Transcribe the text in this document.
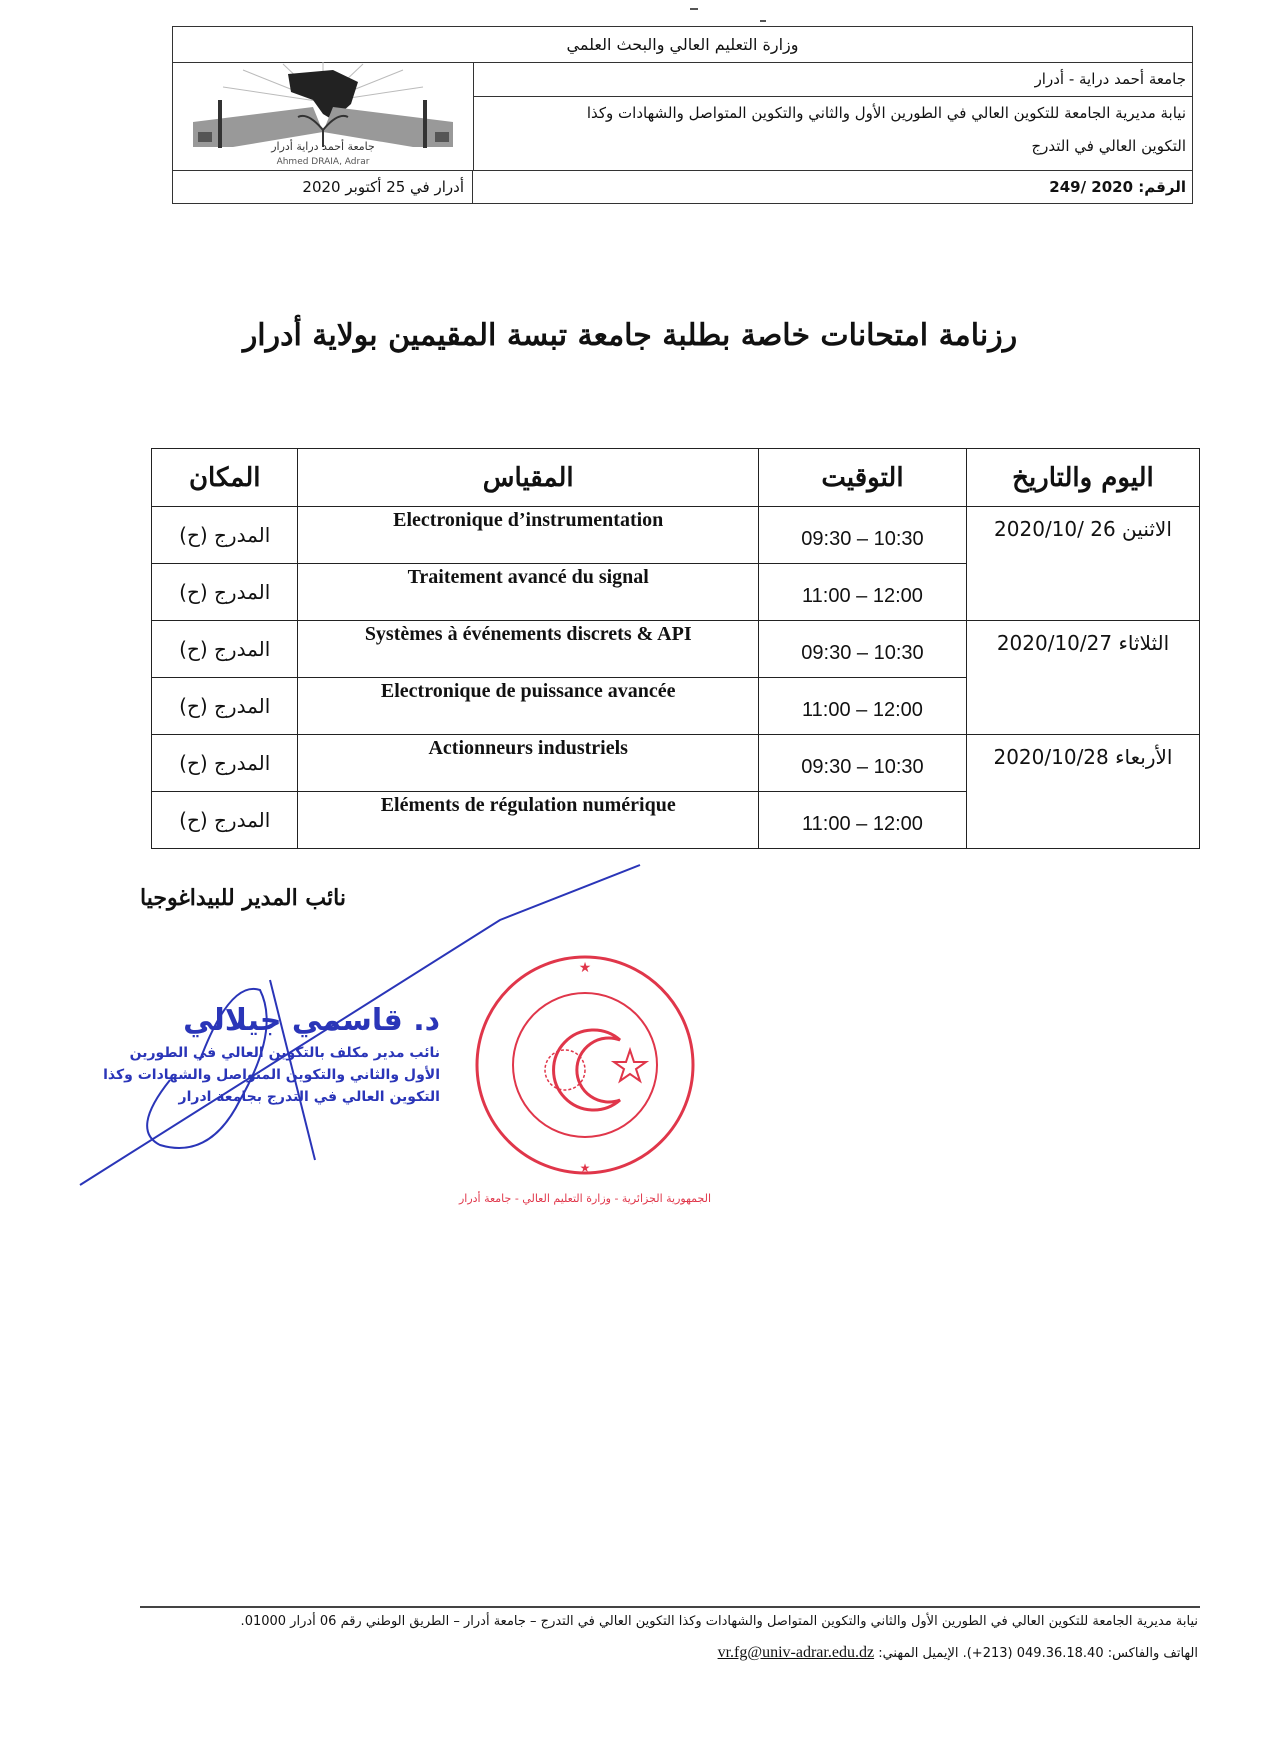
وزارة التعليم العالي والبحث العلمي
جامعة أحمد دراية أدرار
Ahmed DRAIA, Adrar
جامعة أحمد دراية - أدرار
نيابة مديرية الجامعة للتكوين العالي في الطورين الأول والثاني والتكوين المتواصل والشهادات وكذا
التكوين العالي في التدرج
أدرار في 25 أكتوبر 2020	الرقم:

249/ 2020
رزنامة امتحانات خاصة بطلبة جامعة تبسة المقيمين بولاية أدرار
اليوم والتاريخ	التوقيت	المقياس	المكان
الاثنين 26 /2020/10	10:30 – 09:30	Electronique d’instrumentation	المدرج (ح)
	12:00 – 11:00	Traitement avancé du signal	المدرج (ح)
الثلاثاء 2020/10/27	10:30 – 09:30	Systèmes à événements discrets & API	المدرج (ح)
	12:00 – 11:00	Electronique de puissance avancée	المدرج (ح)
الأربعاء 2020/10/28	10:30 – 09:30	Actionneurs industriels	المدرج (ح)
	12:00 – 11:00	Eléments de régulation numérique	المدرج (ح)
نائب المدير للبيداغوجيا
د. قاسمي جيلالي
نائب مدير مكلف بالتكوين العالي في الطورين
الأول والثاني والتكوين المتواصل والشهادات وكذا
التكوين العالي في التدرج بجامعة ادرار
★
★
الجمهورية الجزائرية - وزارة التعليم العالي - جامعة أدرار
نيابة مديرية الجامعة للتكوين العالي في الطورين الأول والثاني والتكوين المتواصل والشهادات وكذا التكوين العالي في التدرج – جامعة أدرار – الطريق الوطني رقم 06 أدرار 01000.
الهاتف والفاكس: 049.36.18.40 (213+). الإيميل المهني: vr.fg@univ-adrar.edu.dz
